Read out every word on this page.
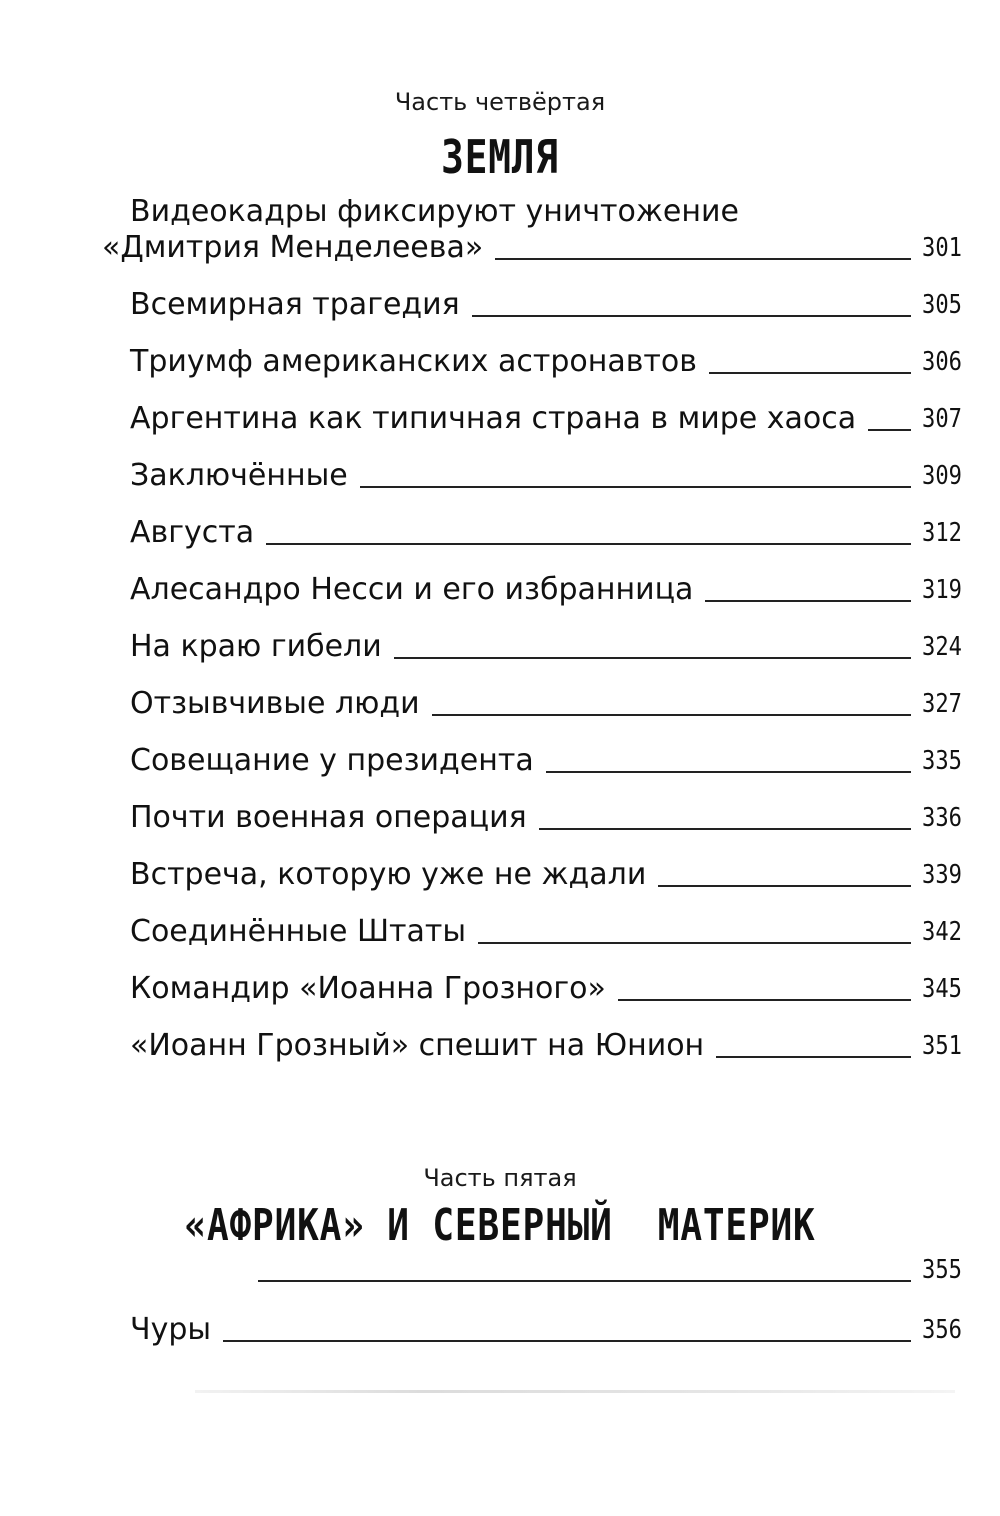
Часть четвёртая
ЗЕМЛЯ
Видеокадры фиксируют уничтожение
«Дмитрия Менделеева»	301
Всемирная трагедия	305
Триумф американских астронавтов	306
Аргентина как типичная страна в мире хаоса	307
Заключённые	309
Августа	312
Алесандро Несси и его избранница	319
На краю гибели	324
Отзывчивые люди	327
Совещание у президента	335
Почти военная операция	336
Встреча, которую уже не ждали	339
Соединённые Штаты	342
Командир «Иоанна Грозного»	345
«Иоанн Грозный» спешит на Юнион	351
Часть пятая
«АФРИКА» И СЕВЕРНЫЙ  МАТЕРИК
355
Чуры	356
